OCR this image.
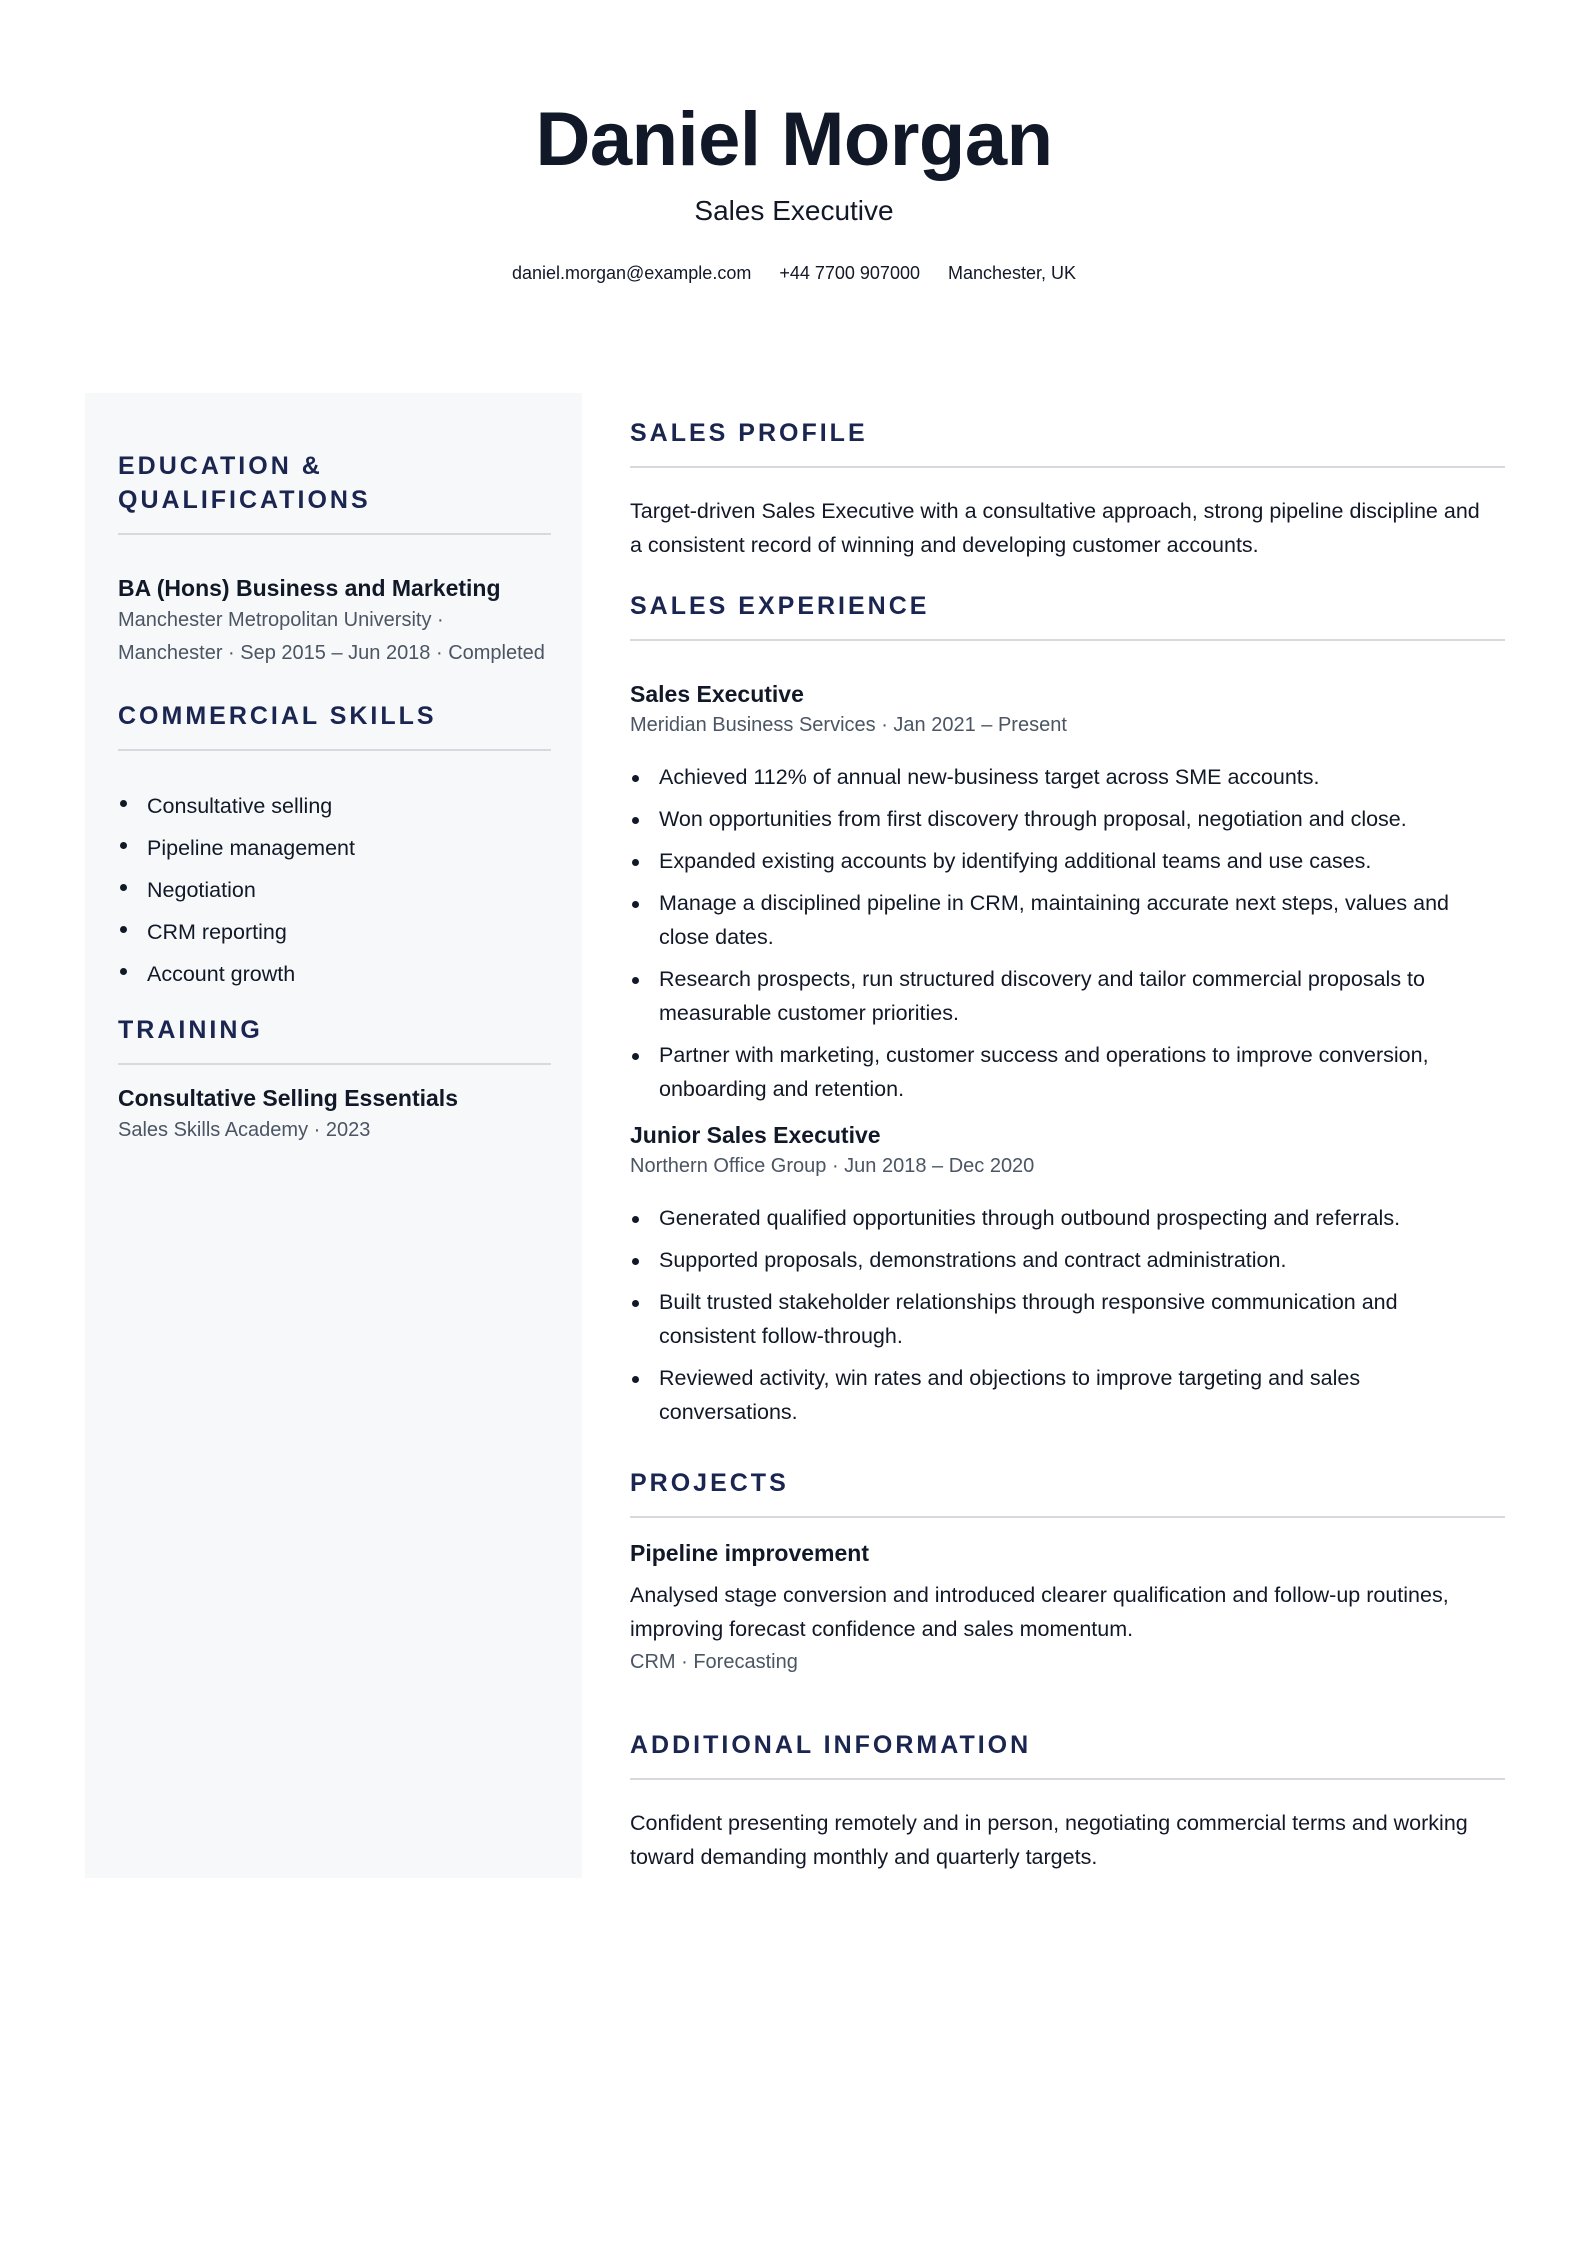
Daniel Morgan
Sales Executive
daniel.morgan@example.com +44 7700 907000 Manchester, UK
EDUCATION &
QUALIFICATIONS
BA (Hons) Business and Marketing
Manchester Metropolitan University ·
Manchester · Sep 2015 – Jun 2018 · Completed
COMMERCIAL SKILLS
Consultative selling
Pipeline management
Negotiation
CRM reporting
Account growth
TRAINING
Consultative Selling Essentials
Sales Skills Academy · 2023
SALES PROFILE
Target-driven Sales Executive with a consultative approach, strong pipeline discipline and
a consistent record of winning and developing customer accounts.
SALES EXPERIENCE
Sales Executive
Meridian Business Services · Jan 2021 – Present
Achieved 112% of annual new-business target across SME accounts.
Won opportunities from first discovery through proposal, negotiation and close.
Expanded existing accounts by identifying additional teams and use cases.
Manage a disciplined pipeline in CRM, maintaining accurate next steps, values and
close dates.
Research prospects, run structured discovery and tailor commercial proposals to
measurable customer priorities.
Partner with marketing, customer success and operations to improve conversion,
onboarding and retention.
Junior Sales Executive
Northern Office Group · Jun 2018 – Dec 2020
Generated qualified opportunities through outbound prospecting and referrals.
Supported proposals, demonstrations and contract administration.
Built trusted stakeholder relationships through responsive communication and
consistent follow-through.
Reviewed activity, win rates and objections to improve targeting and sales
conversations.
PROJECTS
Pipeline improvement
Analysed stage conversion and introduced clearer qualification and follow-up routines,
improving forecast confidence and sales momentum.
CRM · Forecasting
ADDITIONAL INFORMATION
Confident presenting remotely and in person, negotiating commercial terms and working
toward demanding monthly and quarterly targets.
